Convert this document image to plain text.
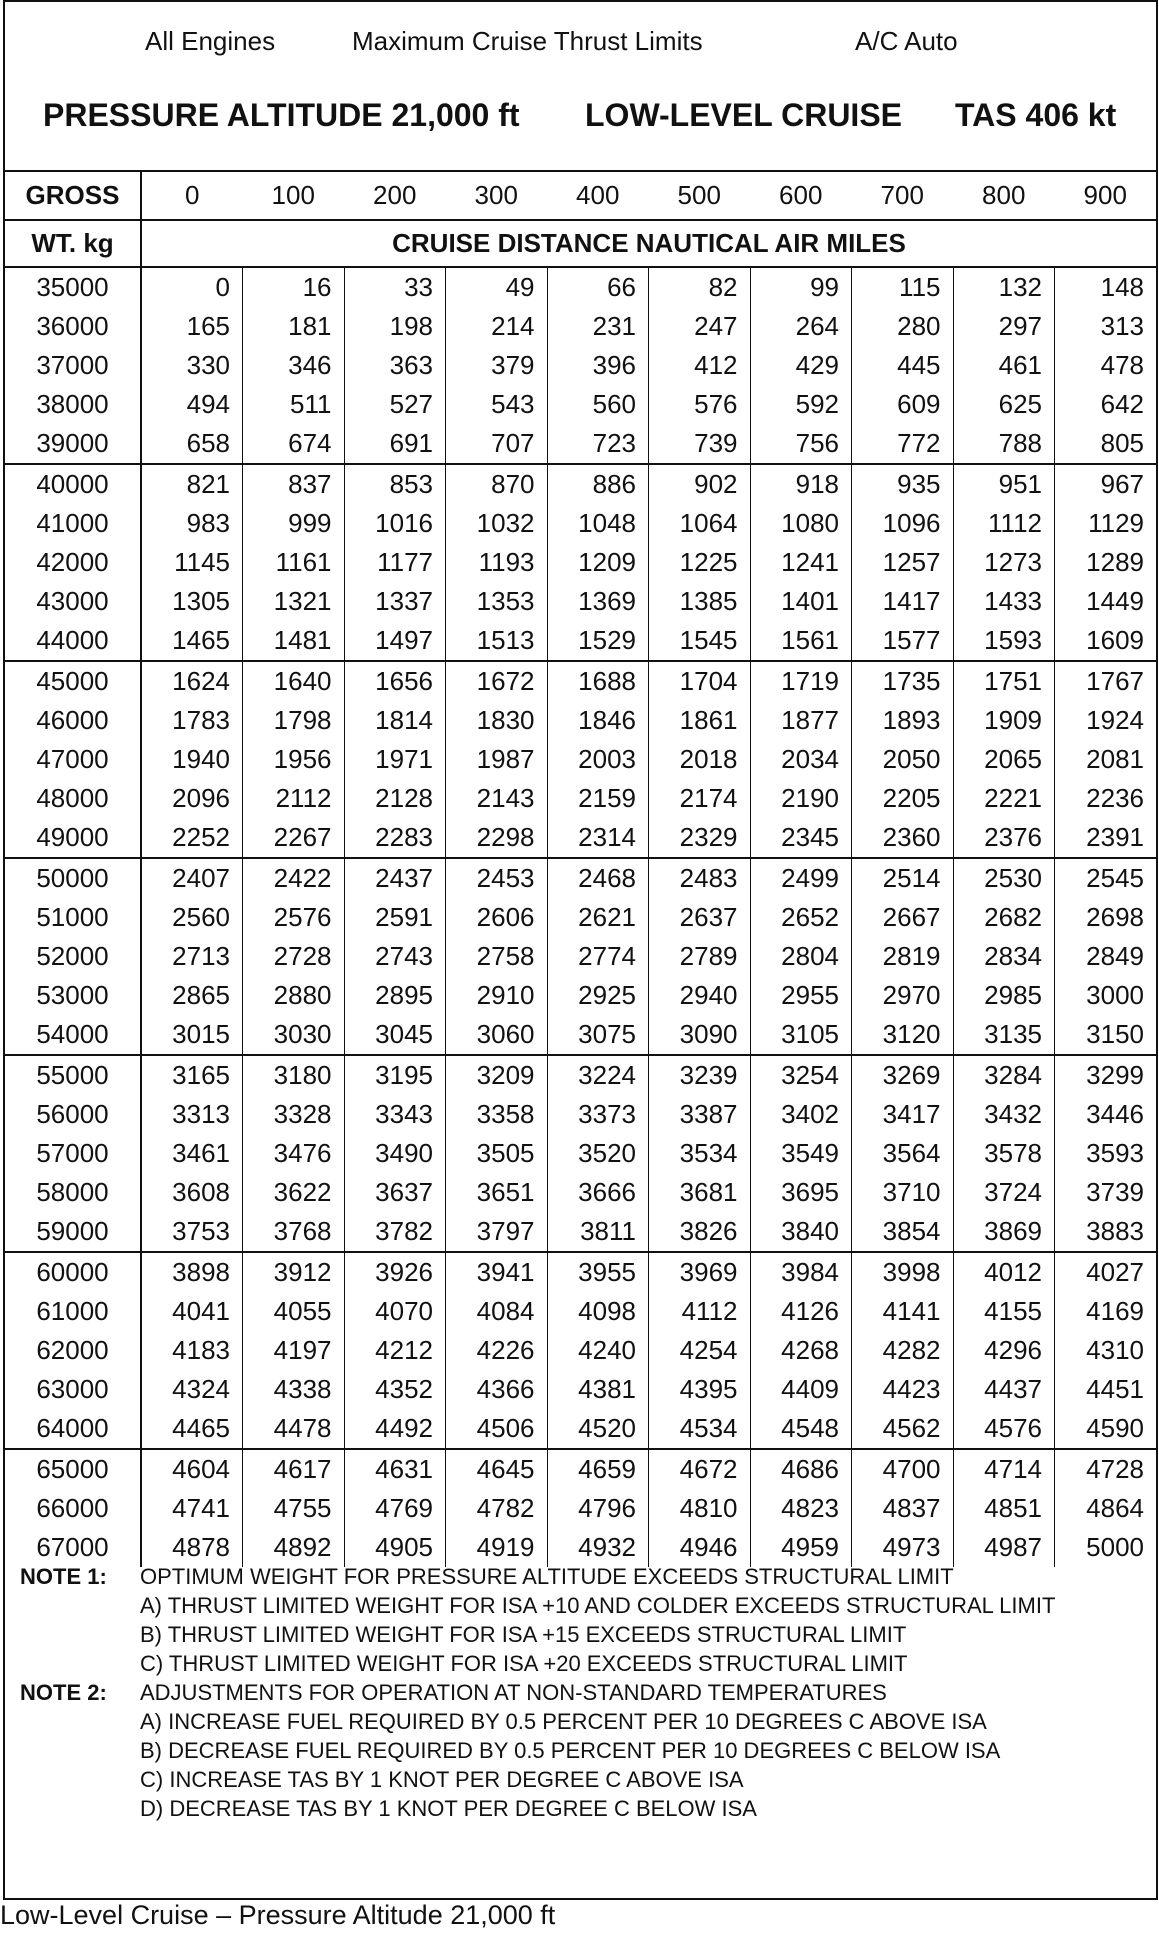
All Engines	Maximum Cruise Thrust Limits	A/C Auto
PRESSURE ALTITUDE 21,000 ft LOW-LEVEL CRUISE TAS 406 kt
GROSS	0	100	200	300	400	500	600	700	800	900
WT. kg	CRUISE DISTANCE NAUTICAL AIR MILES									
35000	0	16	33	49	66	82	99	115	132	148
36000	165	181	198	214	231	247	264	280	297	313
37000	330	346	363	379	396	412	429	445	461	478
38000	494	511	527	543	560	576	592	609	625	642
39000	658	674	691	707	723	739	756	772	788	805
40000	821	837	853	870	886	902	918	935	951	967
41000	983	999	1016	1032	1048	1064	1080	1096	1112	1129
42000	1145	1161	1177	1193	1209	1225	1241	1257	1273	1289
43000	1305	1321	1337	1353	1369	1385	1401	1417	1433	1449
44000	1465	1481	1497	1513	1529	1545	1561	1577	1593	1609
45000	1624	1640	1656	1672	1688	1704	1719	1735	1751	1767
46000	1783	1798	1814	1830	1846	1861	1877	1893	1909	1924
47000	1940	1956	1971	1987	2003	2018	2034	2050	2065	2081
48000	2096	2112	2128	2143	2159	2174	2190	2205	2221	2236
49000	2252	2267	2283	2298	2314	2329	2345	2360	2376	2391
50000	2407	2422	2437	2453	2468	2483	2499	2514	2530	2545
51000	2560	2576	2591	2606	2621	2637	2652	2667	2682	2698
52000	2713	2728	2743	2758	2774	2789	2804	2819	2834	2849
53000	2865	2880	2895	2910	2925	2940	2955	2970	2985	3000
54000	3015	3030	3045	3060	3075	3090	3105	3120	3135	3150
55000	3165	3180	3195	3209	3224	3239	3254	3269	3284	3299
56000	3313	3328	3343	3358	3373	3387	3402	3417	3432	3446
57000	3461	3476	3490	3505	3520	3534	3549	3564	3578	3593
58000	3608	3622	3637	3651	3666	3681	3695	3710	3724	3739
59000	3753	3768	3782	3797	3811	3826	3840	3854	3869	3883
60000	3898	3912	3926	3941	3955	3969	3984	3998	4012	4027
61000	4041	4055	4070	4084	4098	4112	4126	4141	4155	4169
62000	4183	4197	4212	4226	4240	4254	4268	4282	4296	4310
63000	4324	4338	4352	4366	4381	4395	4409	4423	4437	4451
64000	4465	4478	4492	4506	4520	4534	4548	4562	4576	4590
65000	4604	4617	4631	4645	4659	4672	4686	4700	4714	4728
66000	4741	4755	4769	4782	4796	4810	4823	4837	4851	4864
67000	4878	4892	4905	4919	4932	4946	4959	4973	4987	5000
NOTE 1: OPTIMUM WEIGHT FOR PRESSURE ALTITUDE EXCEEDS STRUCTURAL LIMIT
A) THRUST LIMITED WEIGHT FOR ISA +10 AND COLDER EXCEEDS STRUCTURAL LIMIT
B) THRUST LIMITED WEIGHT FOR ISA +15 EXCEEDS STRUCTURAL LIMIT
C) THRUST LIMITED WEIGHT FOR ISA +20 EXCEEDS STRUCTURAL LIMIT
NOTE 2: ADJUSTMENTS FOR OPERATION AT NON-STANDARD TEMPERATURES
A) INCREASE FUEL REQUIRED BY 0.5 PERCENT PER 10 DEGREES C ABOVE ISA
B) DECREASE FUEL REQUIRED BY 0.5 PERCENT PER 10 DEGREES C BELOW ISA
C) INCREASE TAS BY 1 KNOT PER DEGREE C ABOVE ISA
D) DECREASE TAS BY 1 KNOT PER DEGREE C BELOW ISA
Low-Level Cruise – Pressure Altitude 21,000 ft
